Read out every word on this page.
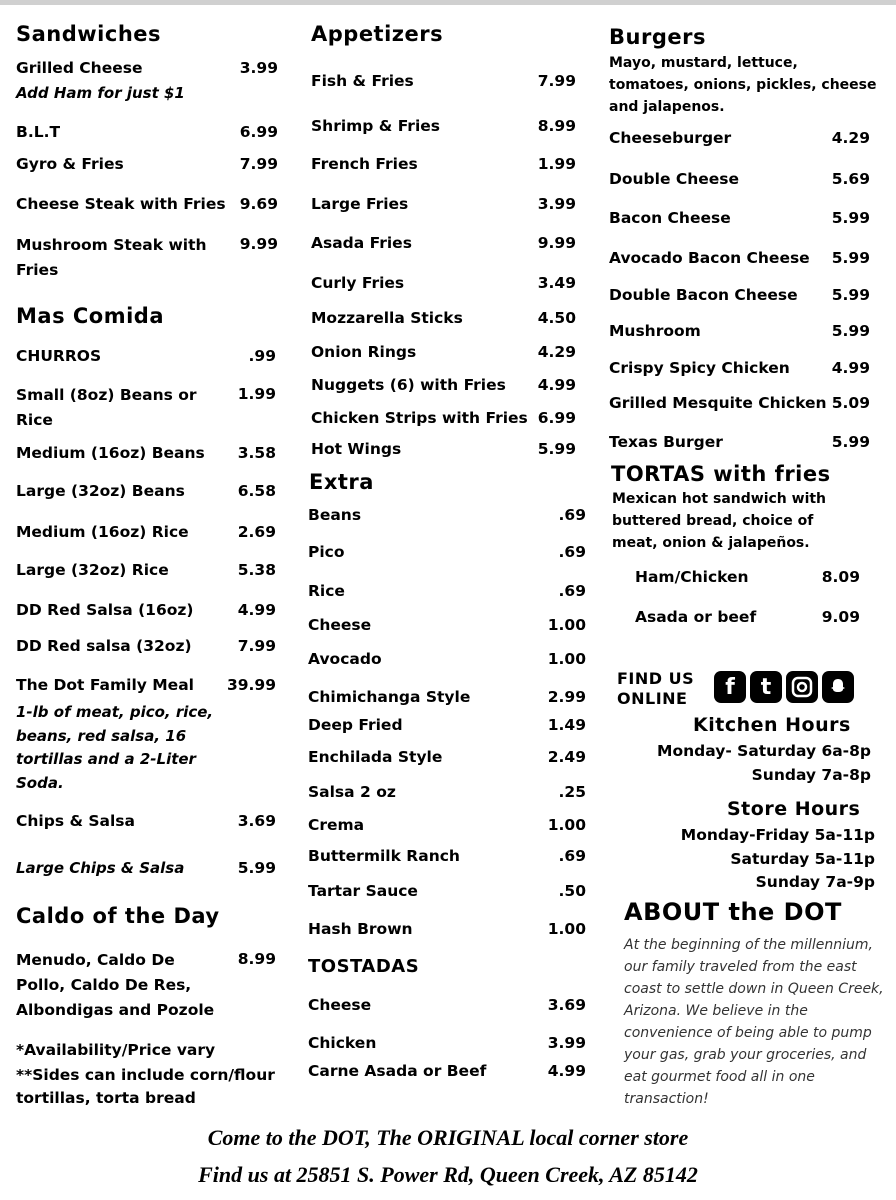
Sandwiches
Grilled Cheese	3.99
Add Ham for just $1
B.L.T	6.99
Gyro & Fries	7.99
Cheese Steak with Fries 9.69
Mushroom Steak with Fries
9.99
Mas Comida
CHURROS	.99
Small (8oz) Beans or Rice
1.99
Medium (16oz) Beans	3.58
Large (32oz) Beans	6.58
Medium (16oz) Rice	2.69
Large (32oz) Rice	5.38
DD Red Salsa (16oz)	4.99
DD Red salsa (32oz)	7.99
The Dot Family Meal	39.99
1-lb of meat, pico, rice, beans, red salsa, 16 tortillas and a 2-Liter Soda.
Chips & Salsa	3.69
Large Chips & Salsa	5.99
Caldo of the Day
Menudo, Caldo De Pollo, Caldo De Res, Albondigas and Pozole
8.99
*Availability/Price vary
**Sides can include corn/flour tortillas, torta bread
Appetizers
Fish & Fries	7.99
Shrimp & Fries	8.99
French Fries	1.99
Large Fries	3.99
Asada Fries	9.99
Curly Fries	3.49
Mozzarella Sticks	4.50
Onion Rings	4.29
Nuggets (6) with Fries	4.99
Chicken Strips with Fries 6.99
Hot Wings	5.99
Extra
Beans	.69
Pico	.69
Rice	.69
Cheese	1.00
Avocado	1.00
Chimichanga Style	2.99
Deep Fried	1.49
Enchilada Style	2.49
Salsa 2 oz	.25
Crema	1.00
Buttermilk Ranch	.69
Tartar Sauce	.50
Hash Brown	1.00
TOSTADAS
Cheese	3.69
Chicken	3.99
Carne Asada or Beef	4.99
Burgers
Mayo, mustard, lettuce, tomatoes, onions, pickles, cheese and jalapenos.
Cheeseburger	4.29
Double Cheese	5.69
Bacon Cheese	5.99
Avocado Bacon Cheese	5.99
Double Bacon Cheese	5.99
Mushroom	5.99
Crispy Spicy Chicken	4.99
Grilled Mesquite Chicken 5.09
Texas Burger	5.99
TORTAS with fries
Mexican hot sandwich with buttered bread, choice of meat, onion & jalapeños.
Ham/Chicken	8.09
Asada or beef	9.09
FIND US
ONLINE	f	t
Kitchen Hours
Monday- Saturday 6a-8p
Sunday 7a-8p
Store Hours
Monday-Friday 5a-11p
Saturday 5a-11p
Sunday 7a-9p
ABOUT the DOT
At the beginning of the millennium, our family traveled from the east coast to settle down in Queen Creek, Arizona. We believe in the convenience of being able to pump your gas, grab your groceries, and eat gourmet food all in one transaction!
Come to the DOT, The ORIGINAL local corner store
Find us at 25851 S. Power Rd, Queen Creek, AZ 85142
